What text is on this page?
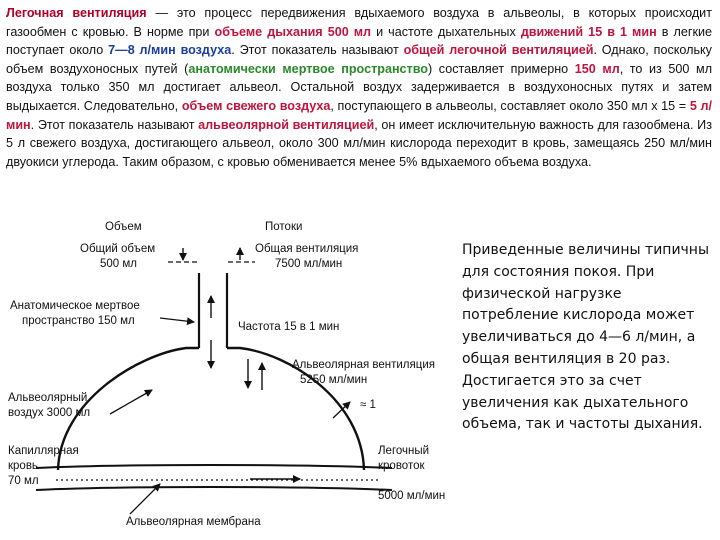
Легочная вентиляция — это процесс передвижения вдыхаемого воздуха в альвеолы, в которых происходит газообмен с кровью. В норме при объеме дыхания 500 мл и частоте дыхательных движений 15 в 1 мин в легкие поступает около 7—8 л/мин воздуха. Этот показатель называют общей легочной вентиляцией. Однако, поскольку объем воздухоносных путей (анатомически мертвое пространство) составляет примерно 150 мл, то из 500 мл воздуха только 350 мл достигает альвеол. Остальной воздух задерживается в воздухоносных путях и затем выдыхается. Следовательно, объем свежего воздуха, поступающего в альвеолы, составляет около 350 мл х 15 = 5 л/мин. Этот показатель называют альвеолярной вентиляцией, он имеет исключительную важность для газообмена. Из 5 л свежего воздуха, достигающего альвеол, около 300 мл/мин кислорода переходит в кровь, замещаясь 250 мл/мин двуокиси углерода. Таким образом, с кровью обменивается менее 5% вдыхаемого объема воздуха.

Объем	Потоки
Общий объем
500 мл
Общая вентиляция
7500 мл/мин
Анатомическое мертвое
пространство 150 мл	Частота 15 в 1 мин
Альвеолярная вентиляция
5250 мл/мин
Альвеолярный
воздух 3000 мл
≈ 1
Капиллярная
кровь
70 мл
Легочный
кровоток
5000 мл/мин
Альвеолярная мембрана

Приведенные величины типичны для состояния покоя. При физической нагрузке потребление кислорода может увеличиваться до 4—6 л/мин, а общая вентиляция в 20 раз. Достигается это за счет увеличения как дыхательного объема, так и частоты дыхания.
